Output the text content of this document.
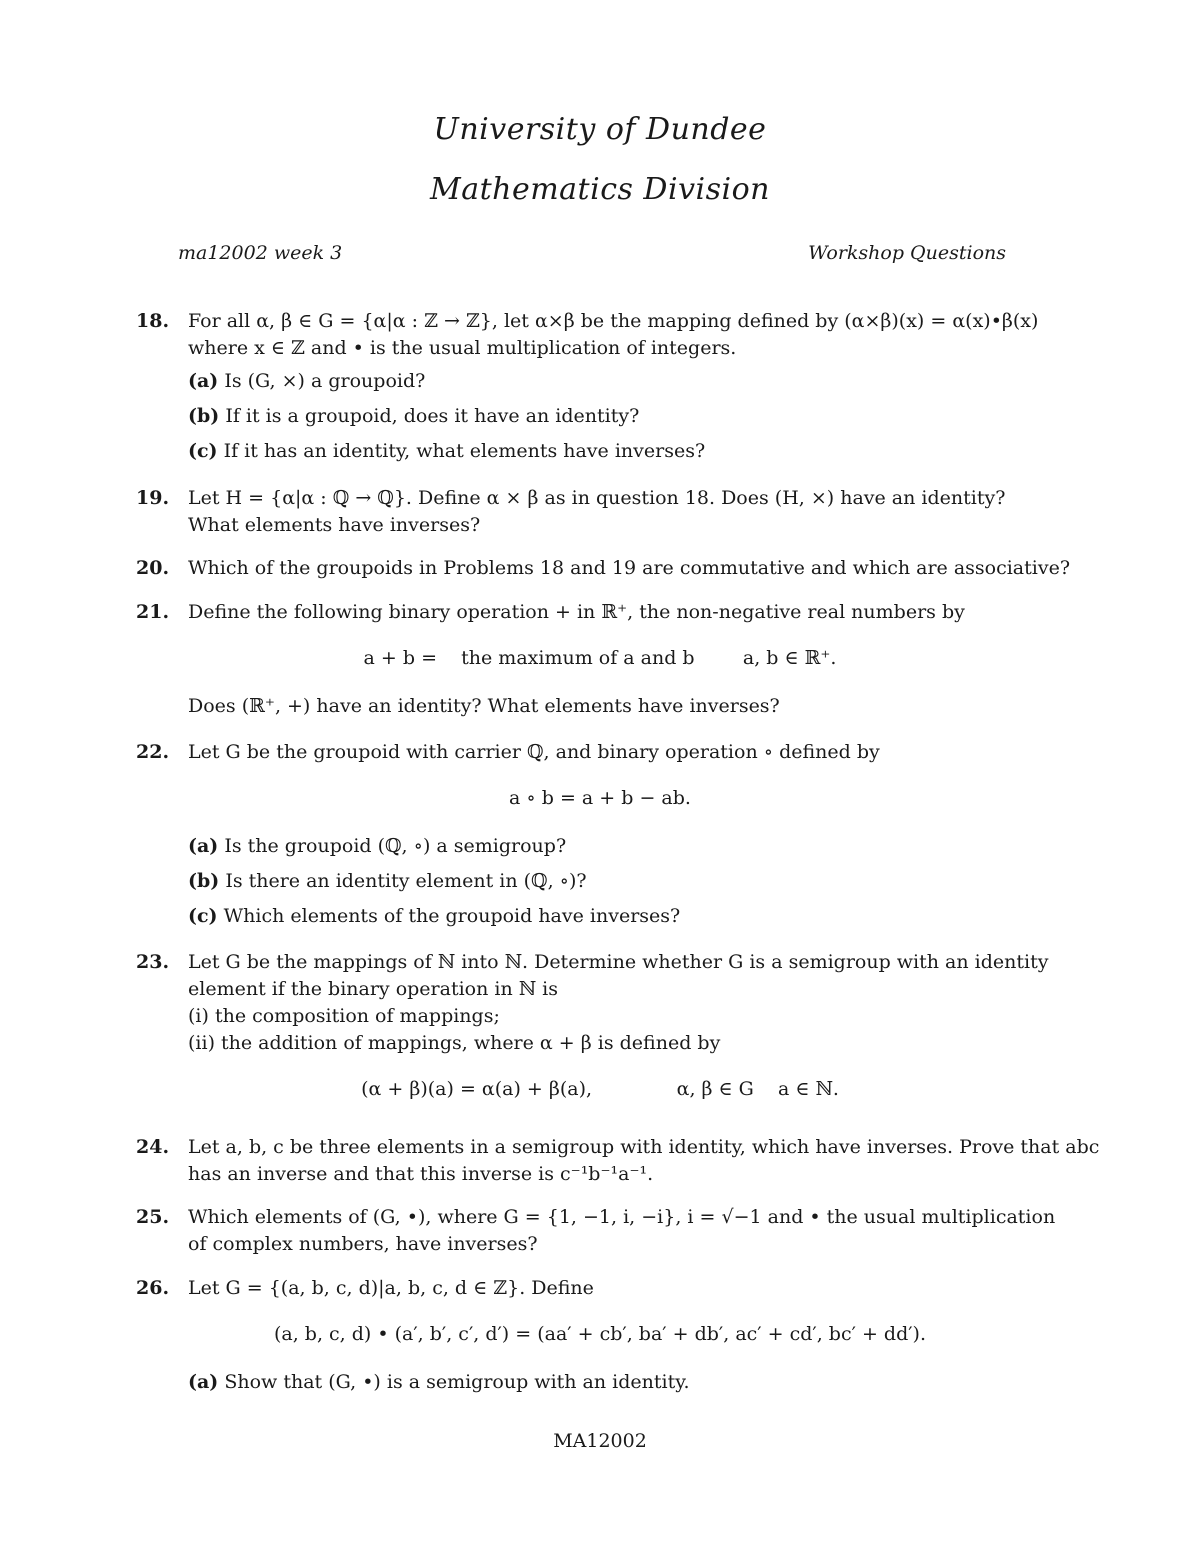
University of Dundee
Mathematics Division
ma12002 week 3	Workshop Questions
18. For all α, β ∈ G = {α|α : ℤ → ℤ}, let α×β be the mapping defined by (α×β)(x) = α(x)•β(x)
where x ∈ ℤ and • is the usual multiplication of integers.
(a) Is (G, ×) a groupoid?
(b) If it is a groupoid, does it have an identity?
(c) If it has an identity, what elements have inverses?
19. Let H = {α|α : ℚ → ℚ}. Define α × β as in question 18. Does (H, ×) have an identity?
What elements have inverses?
20. Which of the groupoids in Problems 18 and 19 are commutative and which are associative?
21. Define the following binary operation + in ℝ⁺, the non-negative real numbers by
a + b =    the maximum of a and b        a, b ∈ ℝ⁺.
Does (ℝ⁺, +) have an identity? What elements have inverses?
22. Let G be the groupoid with carrier ℚ, and binary operation ∘ defined by
a ∘ b = a + b − ab.
(a) Is the groupoid (ℚ, ∘) a semigroup?
(b) Is there an identity element in (ℚ, ∘)?
(c) Which elements of the groupoid have inverses?
23. Let G be the mappings of ℕ into ℕ. Determine whether G is a semigroup with an identity
element if the binary operation in ℕ is
(i) the composition of mappings;
(ii) the addition of mappings, where α + β is defined by
(α + β)(a) = α(a) + β(a),              α, β ∈ G    a ∈ ℕ.
24. Let a, b, c be three elements in a semigroup with identity, which have inverses. Prove that abc
has an inverse and that this inverse is c⁻¹b⁻¹a⁻¹.
25. Which elements of (G, •), where G = {1, −1, i, −i}, i = √−1 and • the usual multiplication
of complex numbers, have inverses?
26. Let G = {(a, b, c, d)|a, b, c, d ∈ ℤ}. Define
(a, b, c, d) • (a′, b′, c′, d′) = (aa′ + cb′, ba′ + db′, ac′ + cd′, bc′ + dd′).
(a) Show that (G, •) is a semigroup with an identity.
MA12002
